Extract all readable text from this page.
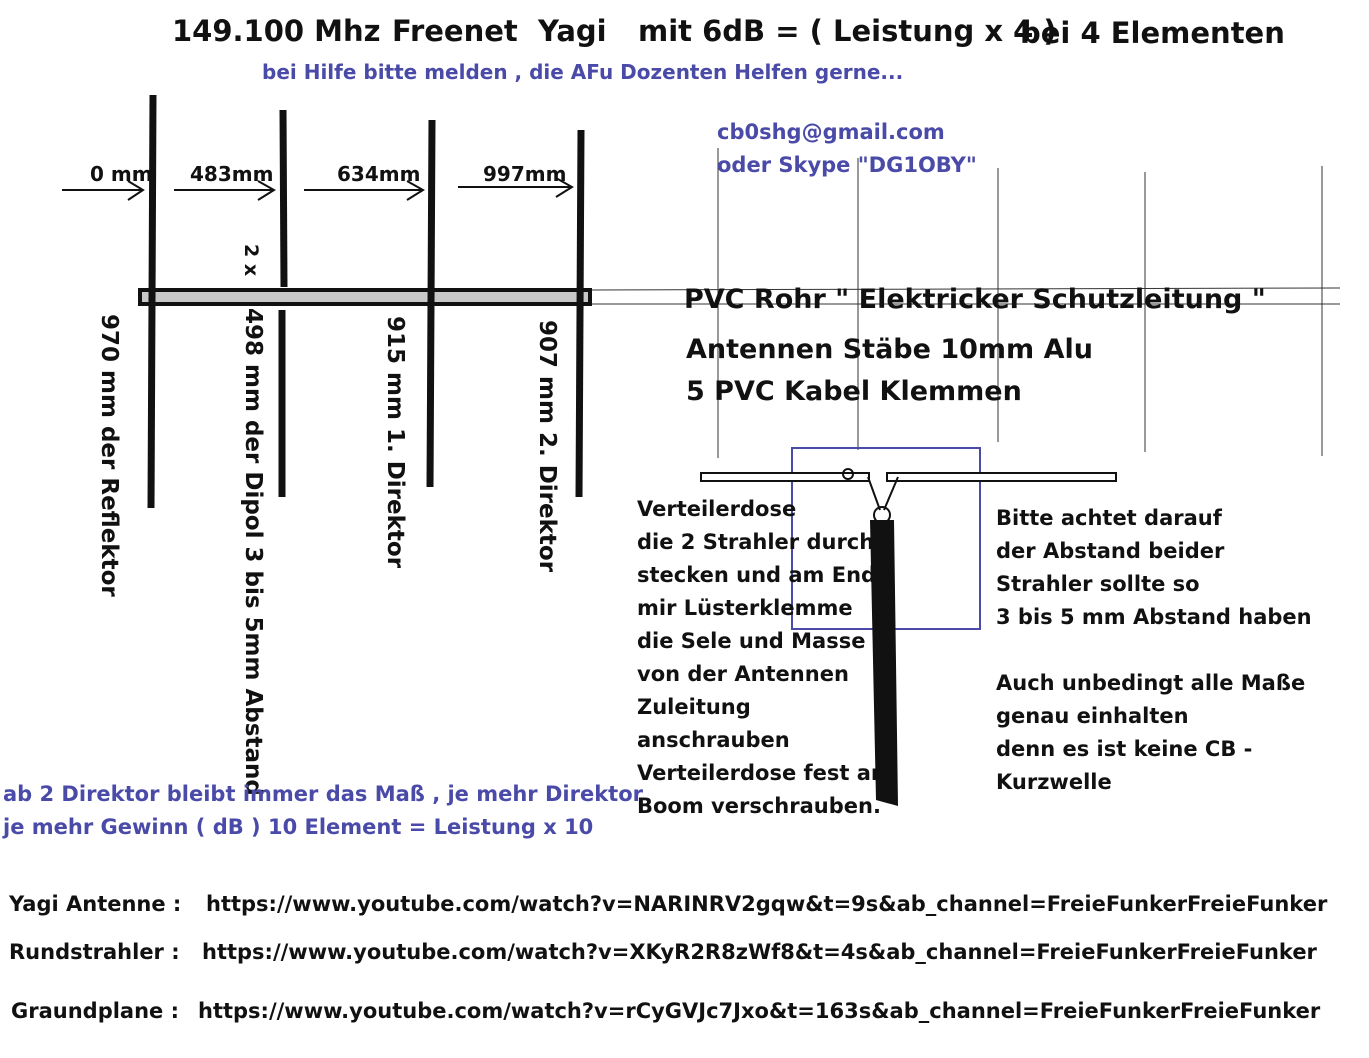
149.100 Mhz Freenet Yagi mit 6dB = ( Leistung x 4 )
bei 4 Elementen
bei Hilfe bitte melden , die AFu Dozenten Helfen gerne...
cb0shg@gmail.com
oder Skype "DG1OBY"
0 mm 483mm	634mm	997mm
970 mm der Reflektor
2 x
498 mm der Dipol 3 bis 5mm Abstand	915 mm 1. Direktor	907 mm 2. Direktor
PVC Rohr " Elektricker Schutzleitung "
Antennen Stäbe 10mm Alu
5 PVC Kabel Klemmen
Verteilerdose
die 2 Strahler durch
stecken und am Ende
mir Lüsterklemme
die Sele und Masse
von der Antennen
Zuleitung
anschrauben
Verteilerdose fest an
Boom verschrauben.
Bitte achtet darauf
der Abstand beider
Strahler sollte so
3 bis 5 mm Abstand haben
Auch unbedingt alle Maße
genau einhalten
denn es ist keine CB -
Kurzwelle
ab 2 Direktor bleibt immer das Maß , je mehr Direktor
je mehr Gewinn ( dB ) 10 Element = Leistung x 10
Yagi Antenne : https://www.youtube.com/watch?v=NARINRV2gqw&t=9s&ab_channel=FreieFunkerFreieFunker
Rundstrahler : https://www.youtube.com/watch?v=XKyR2R8zWf8&t=4s&ab_channel=FreieFunkerFreieFunker
Graundplane : https://www.youtube.com/watch?v=rCyGVJc7Jxo&t=163s&ab_channel=FreieFunkerFreieFunker
